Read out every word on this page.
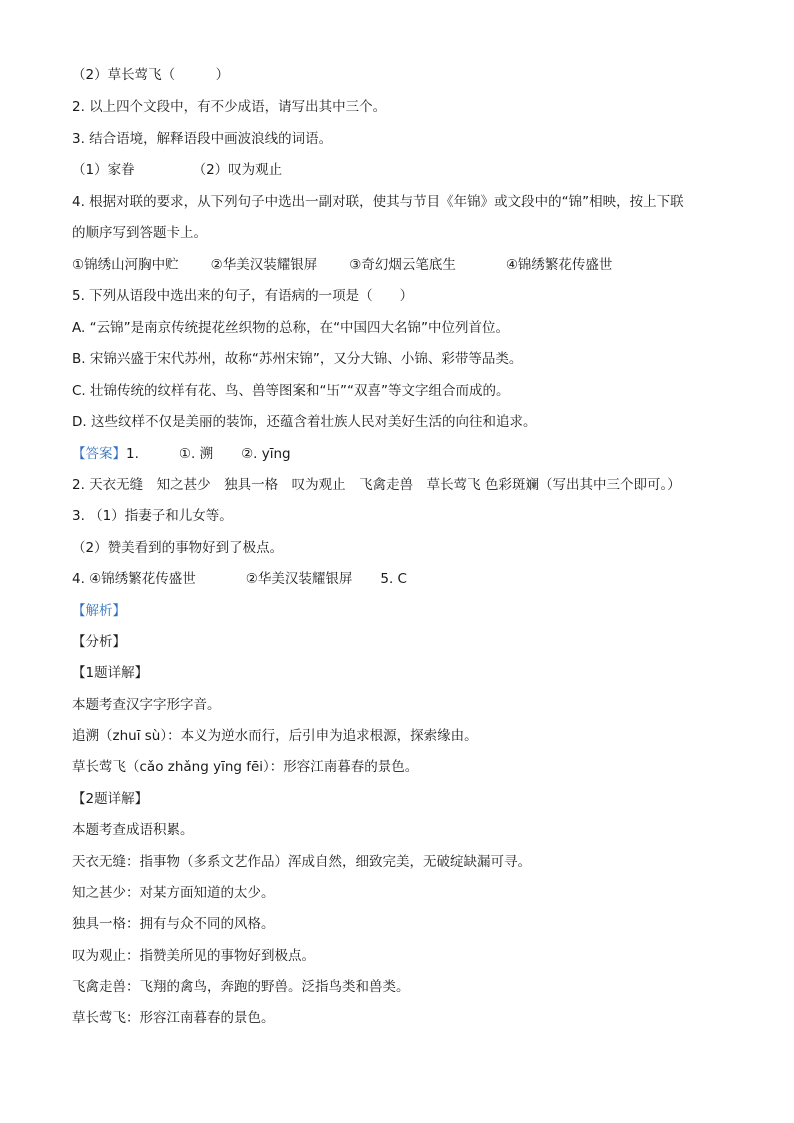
（2）草长莺飞（　　　）
2. 以上四个文段中，有不少成语，请写出其中三个。
3. 结合语境，解释语段中画波浪线的词语。
（1）家眷	（2）叹为观止
4. 根据对联的要求，从下列句子中选出一副对联，使其与节目《年锦》或文段中的“锦”相映，按上下联
的顺序写到答题卡上。
①锦绣山河胸中贮 ②华美汉装耀银屏 ③奇幻烟云笔底生	④锦绣繁花传盛世
5. 下列从语段中选出来的句子，有语病的一项是（　　）
A. “云锦”是南京传统提花丝织物的总称，在“中国四大名锦”中位列首位。
B. 宋锦兴盛于宋代苏州，故称“苏州宋锦”，又分大锦、小锦、彩带等品类。
C. 壮锦传统的纹样有花、鸟、兽等图案和“卐”“双喜”等文字组合而成的。
D. 这些纹样不仅是美丽的装饰，还蕴含着壮族人民对美好生活的向往和追求。
【答案】1.	①. 溯 ②. yīng
2. 天衣无缝　知之甚少　独具一格　叹为观止　飞禽走兽　草长莺飞 色彩斑斓（写出其中三个即可。）
3. （1）指妻子和儿女等。
（2）赞美看到的事物好到了极点。
4. ④锦绣繁花传盛世	②华美汉装耀银屏 5. C
【解析】
【分析】
【1题详解】
本题考查汉字字形字音。
追溯（zhuī sù）：本义为逆水而行，后引申为追求根源，探索缘由。
草长莺飞（cǎo zhǎng yīng fēi）：形容江南暮春的景色。
【2题详解】
本题考查成语积累。
天衣无缝：指事物（多系文艺作品）浑成自然，细致完美，无破绽缺漏可寻。
知之甚少：对某方面知道的太少。
独具一格：拥有与众不同的风格。
叹为观止：指赞美所见的事物好到极点。
飞禽走兽：飞翔的禽鸟，奔跑的野兽。泛指鸟类和兽类。
草长莺飞：形容江南暮春的景色。
